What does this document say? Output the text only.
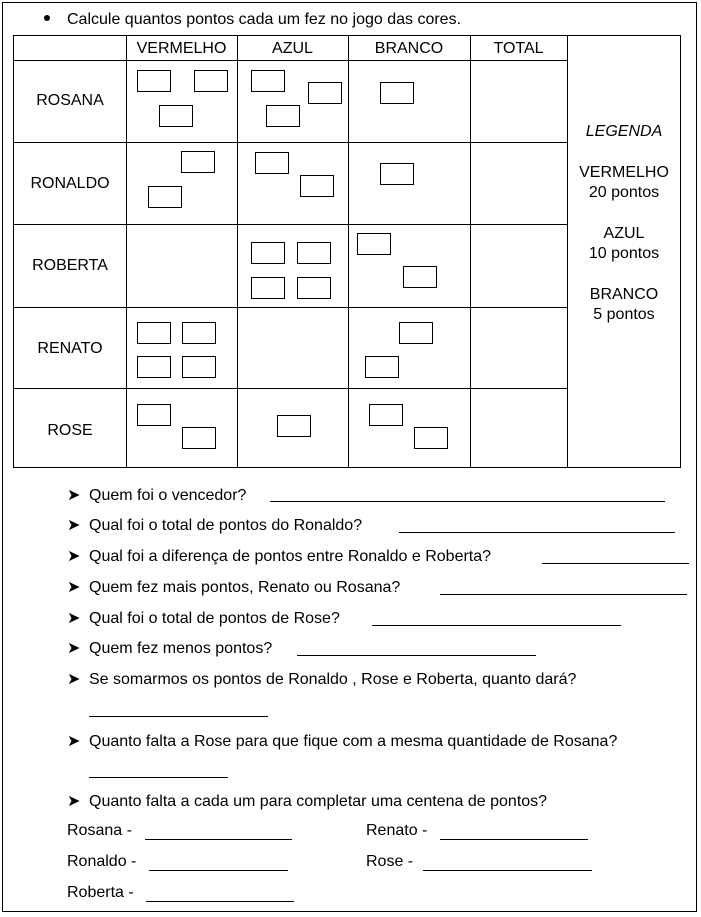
Calcule quantos pontos cada um fez no jogo das cores.
VERMELHO	AZUL	BRANCO	TOTAL
ROSANA
RONALDO
ROBERTA
RENATO
ROSE
LEGENDA
VERMELHO
20 pontos
AZUL
10 pontos
BRANCO
5 pontos
➤ Quem foi o vencedor?
➤ Qual foi o total de pontos do Ronaldo?
➤ Qual foi a diferença de pontos entre Ronaldo e Roberta?
➤ Quem fez mais pontos, Renato ou Rosana?
➤ Qual foi o total de pontos de Rose?
➤ Quem fez menos pontos?
➤ Se somarmos os pontos de Ronaldo , Rose e Roberta, quanto dará?
➤ Quanto falta a Rose para que fique com a mesma quantidade de Rosana?
➤ Quanto falta a cada um para completar uma centena de pontos?
Rosana -	Renato -
Ronaldo -	Rose -
Roberta -
